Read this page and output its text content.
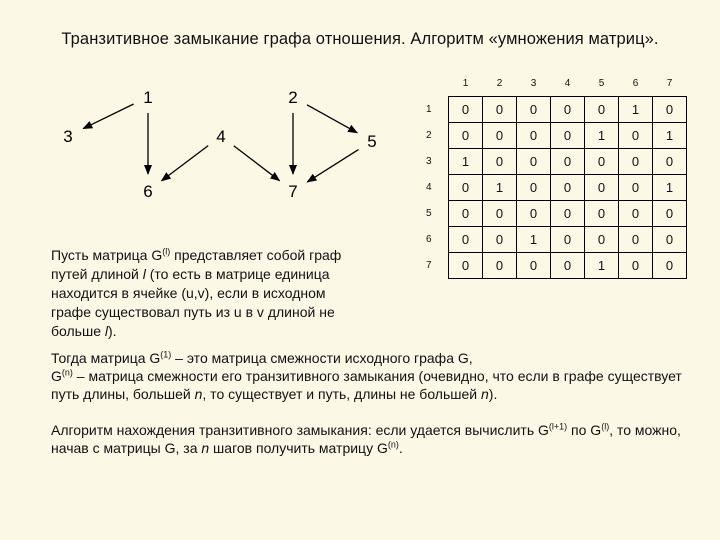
Транзитивное замыкание графа отношения. Алгоритм «умножения матриц».
1	2
3	4	5
6	7
	1	2	3	4	5	6	7
1	0	0	0	0	0	1	0
2	0	0	0	0	1	0	1
3	1	0	0	0	0	0	0
4	0	1	0	0	0	0	1
5	0	0	0	0	0	0	0
6	0	0	1	0	0	0	0
7	0	0	0	0	1	0	0
Пусть матрица $G^{(l)}$ представляет собой граф путей длиной l (то есть в матрице единица находится в ячейке (u,v), если в исходном графе существовал путь из u в v длиной не больше l).
Тогда матрица $G^{(1)}$ – это матрица смежности исходного графа G,
$G^{(n)}$ – матрица смежности его транзитивного замыкания (очевидно, что если в графе существует путь длины, большей n, то существует и путь, длины не большей n).
Алгоритм нахождения транзитивного замыкания: если удается вычислить $G^{(l+1)}$ по $G^{(l)}$, то можно, начав с матрицы G, за n шагов получить матрицу $G^{(n)}$.
